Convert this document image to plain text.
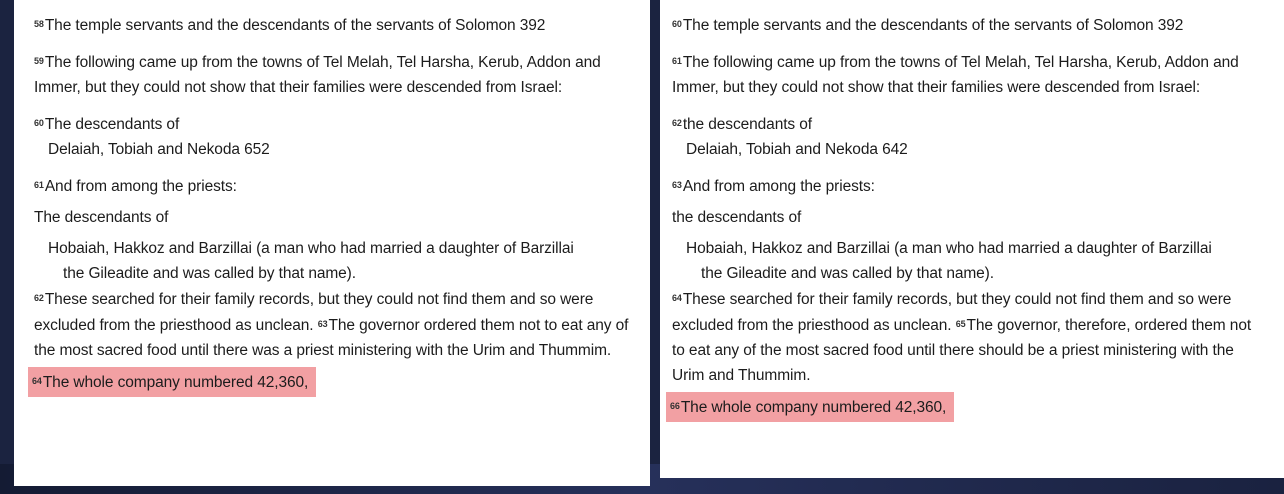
58The temple servants and the descendants of the servants of Solomon 392

59The following came up from the towns of Tel Melah, Tel Harsha, Kerub, Addon and Immer, but they could not show that their families were descended from Israel:

60The descendants of

Delaiah, Tobiah and Nekoda 652

61And from among the priests:

The descendants of

Hobaiah, Hakkoz and Barzillai (a man who had married a daughter of Barzillai

the Gileadite and was called by that name).

62These searched for their family records, but they could not find them and so were excluded from the priesthood as unclean. 63The governor ordered them not to eat any of the most sacred food until there was a priest ministering with the Urim and Thummim.

64The whole company numbered 42,360,

60The temple servants and the descendants of the servants of Solomon 392

61The following came up from the towns of Tel Melah, Tel Harsha, Kerub, Addon and Immer, but they could not show that their families were descended from Israel:

62the descendants of

Delaiah, Tobiah and Nekoda 642

63And from among the priests:

the descendants of

Hobaiah, Hakkoz and Barzillai (a man who had married a daughter of Barzillai

the Gileadite and was called by that name).

64These searched for their family records, but they could not find them and so were excluded from the priesthood as unclean. 65The governor, therefore, ordered them not to eat any of the most sacred food until there should be a priest ministering with the Urim and Thummim.

66The whole company numbered 42,360,
